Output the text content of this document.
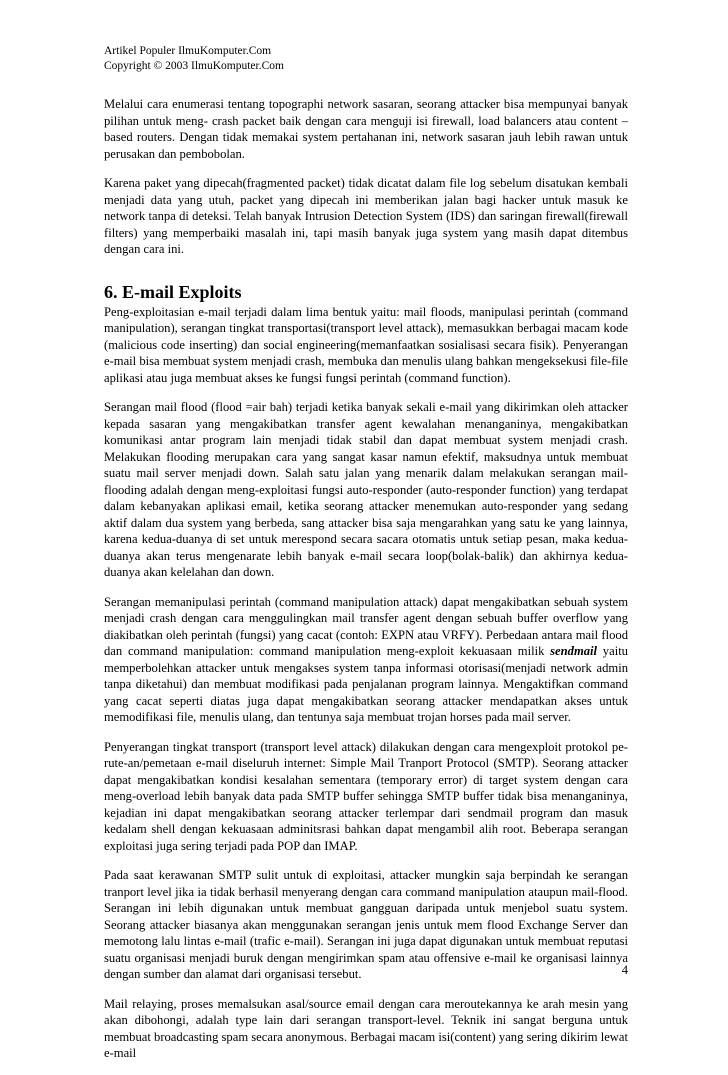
Artikel Populer IlmuKomputer.Com
Copyright © 2003 IlmuKomputer.Com

Melalui cara enumerasi tentang topographi network sasaran, seorang attacker bisa mempunyai banyak pilihan untuk meng- crash packet baik dengan cara menguji isi firewall, load balancers atau content – based routers. Dengan tidak memakai system pertahanan ini, network sasaran jauh lebih rawan untuk perusakan dan pembobolan.

Karena paket yang dipecah(fragmented packet) tidak dicatat dalam file log sebelum disatukan kembali menjadi data yang utuh, packet yang dipecah ini memberikan jalan bagi hacker untuk masuk ke network tanpa di deteksi. Telah banyak Intrusion Detection System (IDS) dan saringan firewall(firewall filters) yang memperbaiki masalah ini, tapi masih banyak juga system yang masih dapat ditembus dengan cara ini.

6. E-mail Exploits

Peng-exploitasian e-mail terjadi dalam lima bentuk yaitu: mail floods, manipulasi perintah (command manipulation), serangan tingkat transportasi(transport level attack), memasukkan berbagai macam kode (malicious code inserting) dan social engineering(memanfaatkan sosialisasi secara fisik). Penyerangan e-mail bisa membuat system menjadi crash, membuka dan menulis ulang bahkan mengeksekusi file-file aplikasi atau juga membuat akses ke fungsi fungsi perintah (command function).

Serangan mail flood (flood =air bah) terjadi ketika banyak sekali e-mail yang dikirimkan oleh attacker kepada sasaran yang mengakibatkan transfer agent kewalahan menanganinya, mengakibatkan komunikasi antar program lain menjadi tidak stabil dan dapat membuat system menjadi crash. Melakukan flooding merupakan cara yang sangat kasar namun efektif, maksudnya untuk membuat suatu mail server menjadi down. Salah satu jalan yang menarik dalam melakukan serangan mail-flooding adalah dengan meng-exploitasi fungsi auto-responder (auto-responder function) yang terdapat dalam kebanyakan aplikasi email, ketika seorang attacker menemukan auto-responder yang sedang aktif dalam dua system yang berbeda, sang attacker bisa saja mengarahkan yang satu ke yang lainnya, karena kedua-duanya di set untuk merespond secara sacara otomatis untuk setiap pesan, maka kedua-duanya akan terus mengenarate lebih banyak e-mail secara loop(bolak-balik) dan akhirnya kedua-duanya akan kelelahan dan down.

Serangan memanipulasi perintah (command manipulation attack) dapat mengakibatkan sebuah system menjadi crash dengan cara menggulingkan mail transfer agent dengan sebuah buffer overflow yang diakibatkan oleh perintah (fungsi) yang cacat (contoh: EXPN atau VRFY). Perbedaan antara mail flood dan command manipulation: command manipulation meng-exploit kekuasaan milik sendmail yaitu memperbolehkan attacker untuk mengakses system tanpa informasi otorisasi(menjadi network admin tanpa diketahui) dan membuat modifikasi pada penjalanan program lainnya. Mengaktifkan command yang cacat seperti diatas juga dapat mengakibatkan seorang attacker mendapatkan akses untuk memodifikasi file, menulis ulang, dan tentunya saja membuat trojan horses pada mail server.

Penyerangan tingkat transport (transport level attack) dilakukan dengan cara mengexploit protokol pe-rute-an/pemetaan e-mail diseluruh internet: Simple Mail Tranport Protocol (SMTP). Seorang attacker dapat mengakibatkan kondisi kesalahan sementara (temporary error) di target system dengan cara meng-overload lebih banyak data pada SMTP buffer sehingga SMTP buffer tidak bisa menanganinya, kejadian ini dapat mengakibatkan seorang attacker terlempar dari sendmail program dan masuk kedalam shell dengan kekuasaan adminitsrasi bahkan dapat mengambil alih root. Beberapa serangan exploitasi juga sering terjadi pada POP dan IMAP.

Pada saat kerawanan SMTP sulit untuk di exploitasi, attacker mungkin saja berpindah ke serangan tranport level jika ia tidak berhasil menyerang dengan cara command manipulation ataupun mail-flood. Serangan ini lebih digunakan untuk membuat gangguan daripada untuk menjebol suatu system. Seorang attacker biasanya akan menggunakan serangan jenis untuk mem flood Exchange Server dan memotong lalu lintas e-mail (trafic e-mail). Serangan ini juga dapat digunakan untuk membuat reputasi suatu organisasi menjadi buruk dengan mengirimkan spam atau offensive e-mail ke organisasi lainnya dengan sumber dan alamat dari organisasi tersebut.

Mail relaying, proses memalsukan asal/source email dengan cara meroutekannya ke arah mesin yang akan dibohongi, adalah type lain dari serangan transport-level. Teknik ini sangat berguna untuk membuat broadcasting spam secara anonymous. Berbagai macam isi(content) yang sering dikirim lewat e-mail

4
